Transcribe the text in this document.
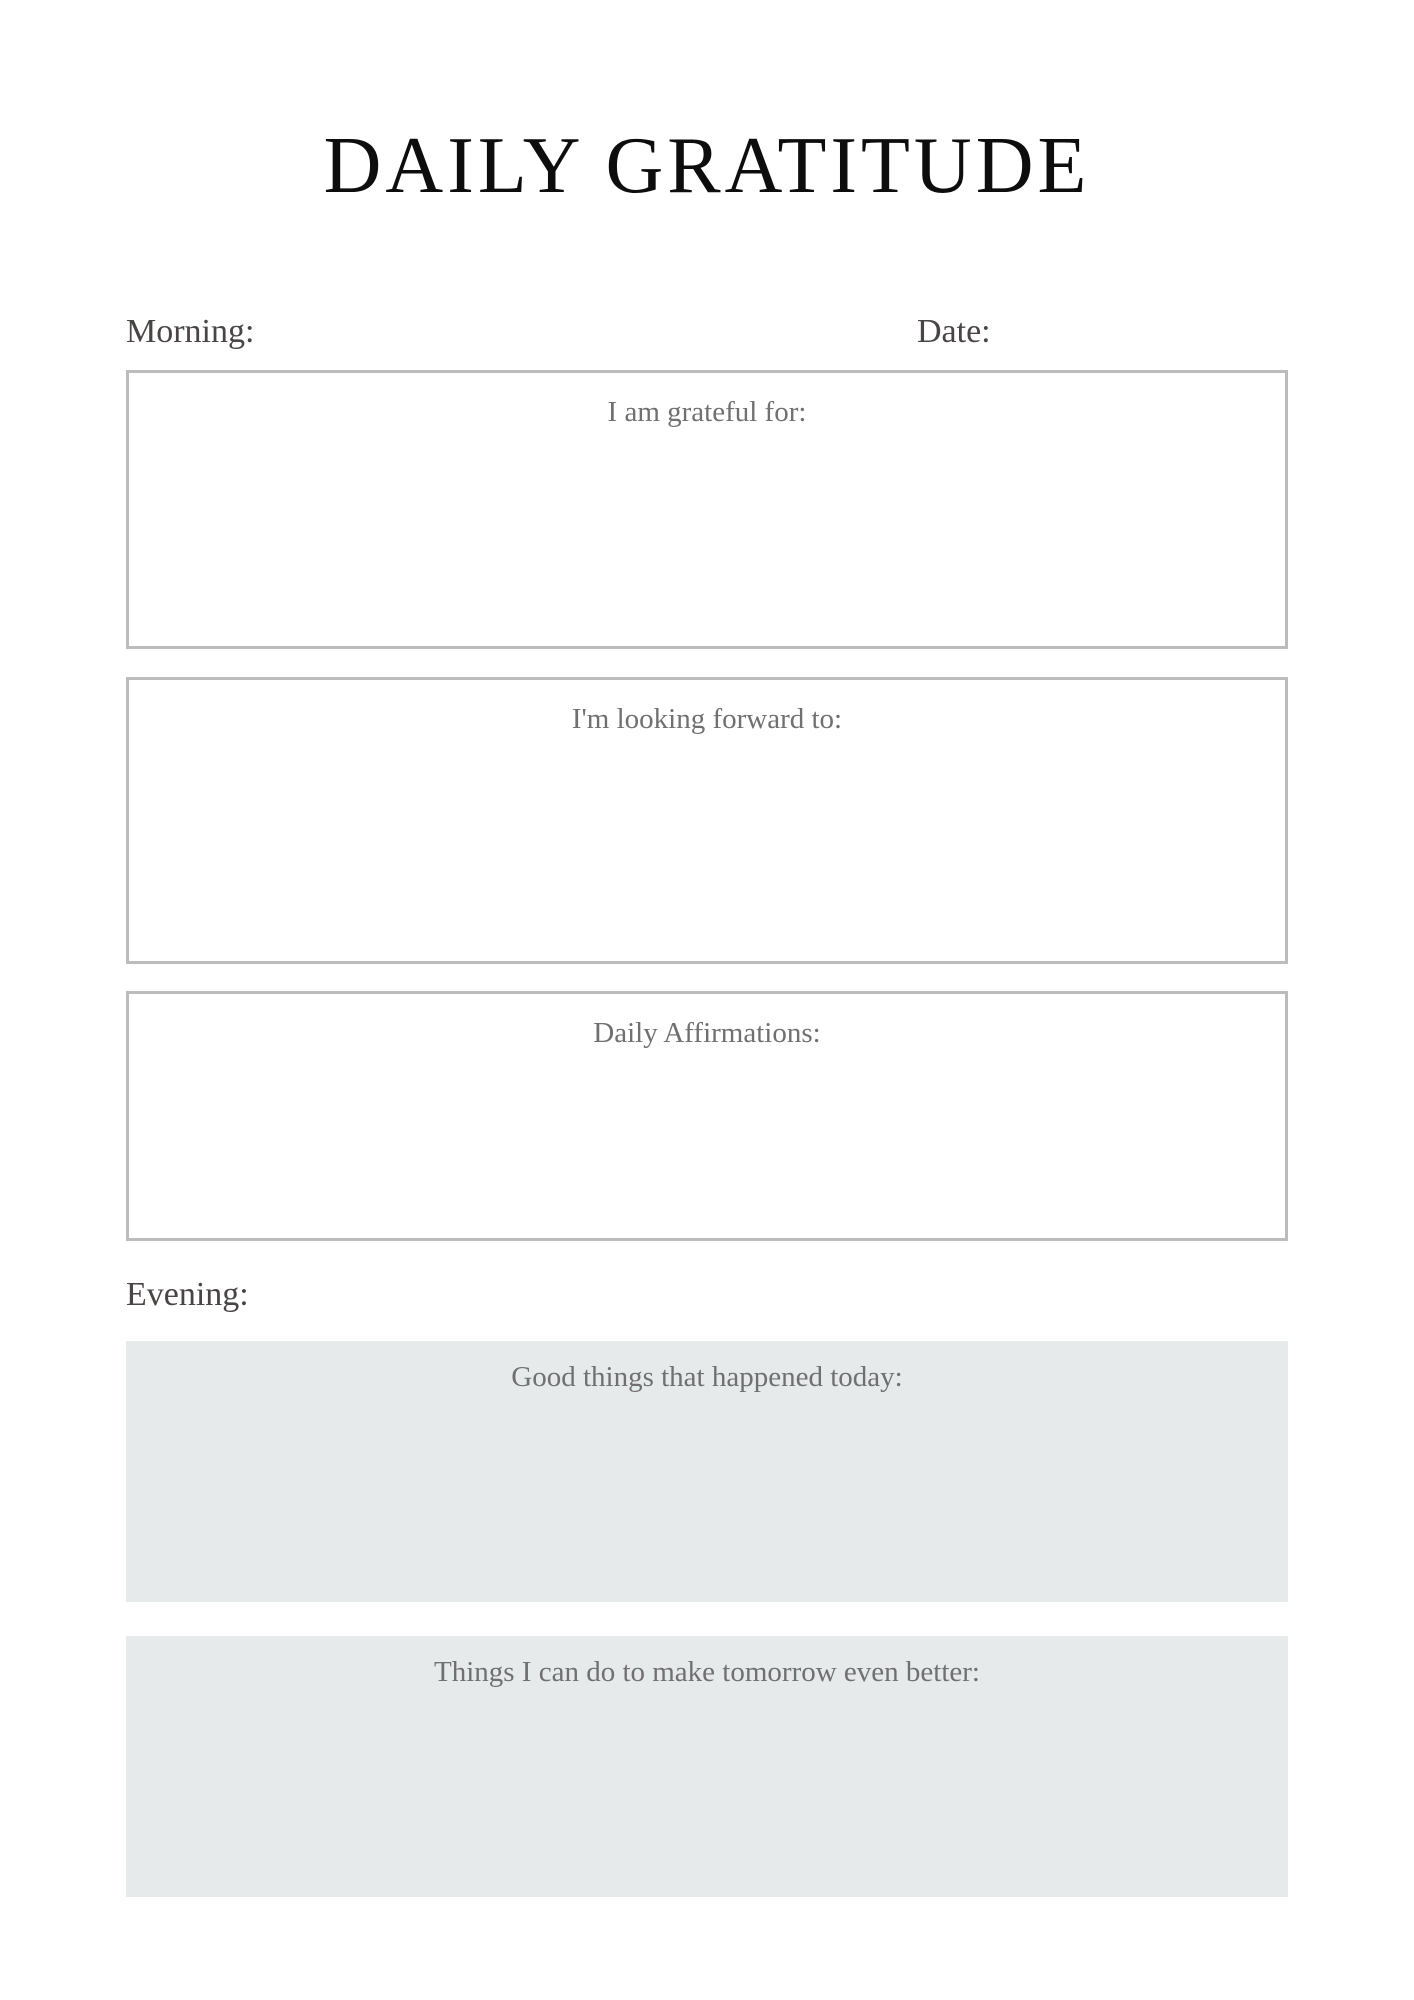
DAILY GRATITUDE
Morning:	Date:
I am grateful for:
I'm looking forward to:
Daily Affirmations:
Evening:
Good things that happened today:
Things I can do to make tomorrow even better:
